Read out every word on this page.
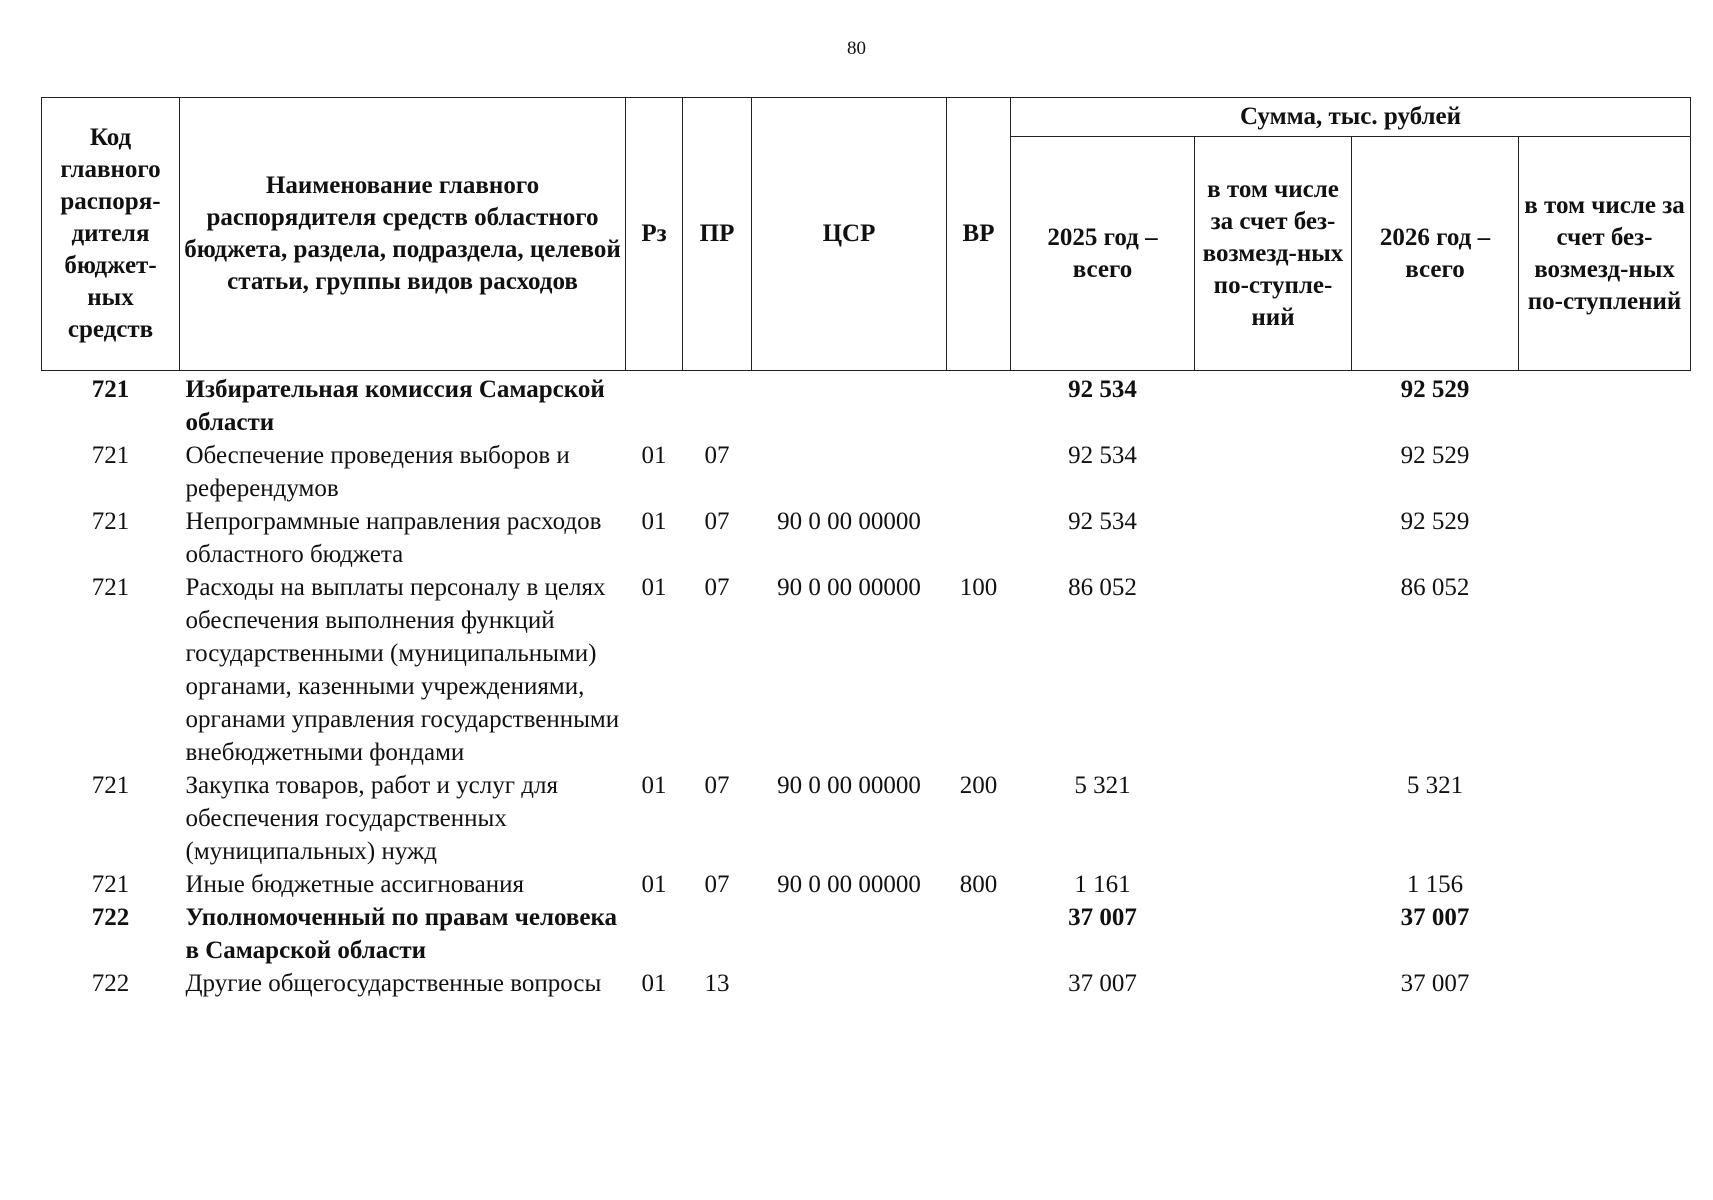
80
Код главного распоря-дителя бюджет-ных средств	Наименование главного распорядителя средств областного бюджета, раздела, подраздела, целевой статьи, группы видов расходов	Рз	ПР	ЦСР	ВР	Сумма, тыс. рублей			
						2025 год – всего	в том числе за счет без-возмезд-ных по-ступле-ний	2026 год – всего	в том числе за счет без-возмезд-ных по-ступлений
721	Избирательная комиссия Самарской области					92 534		92 529	
721	Обеспечение проведения выборов и референдумов	01	07			92 534		92 529	
721	Непрограммные направления расходов областного бюджета	01	07	90 0 00 00000		92 534		92 529	
721	Расходы на выплаты персоналу в целях обеспечения выполнения функций государственными (муниципальными) органами, казенными учреждениями, органами управления государственными внебюджетными фондами	01	07	90 0 00 00000	100	86 052		86 052	
721	Закупка товаров, работ и услуг для обеспечения государственных (муниципальных) нужд	01	07	90 0 00 00000	200	5 321		5 321	
721	Иные бюджетные ассигнования	01	07	90 0 00 00000	800	1 161		1 156	
722	Уполномоченный по правам человека в Самарской области					37 007		37 007	
722	Другие общегосударственные вопросы	01	13			37 007		37 007	
